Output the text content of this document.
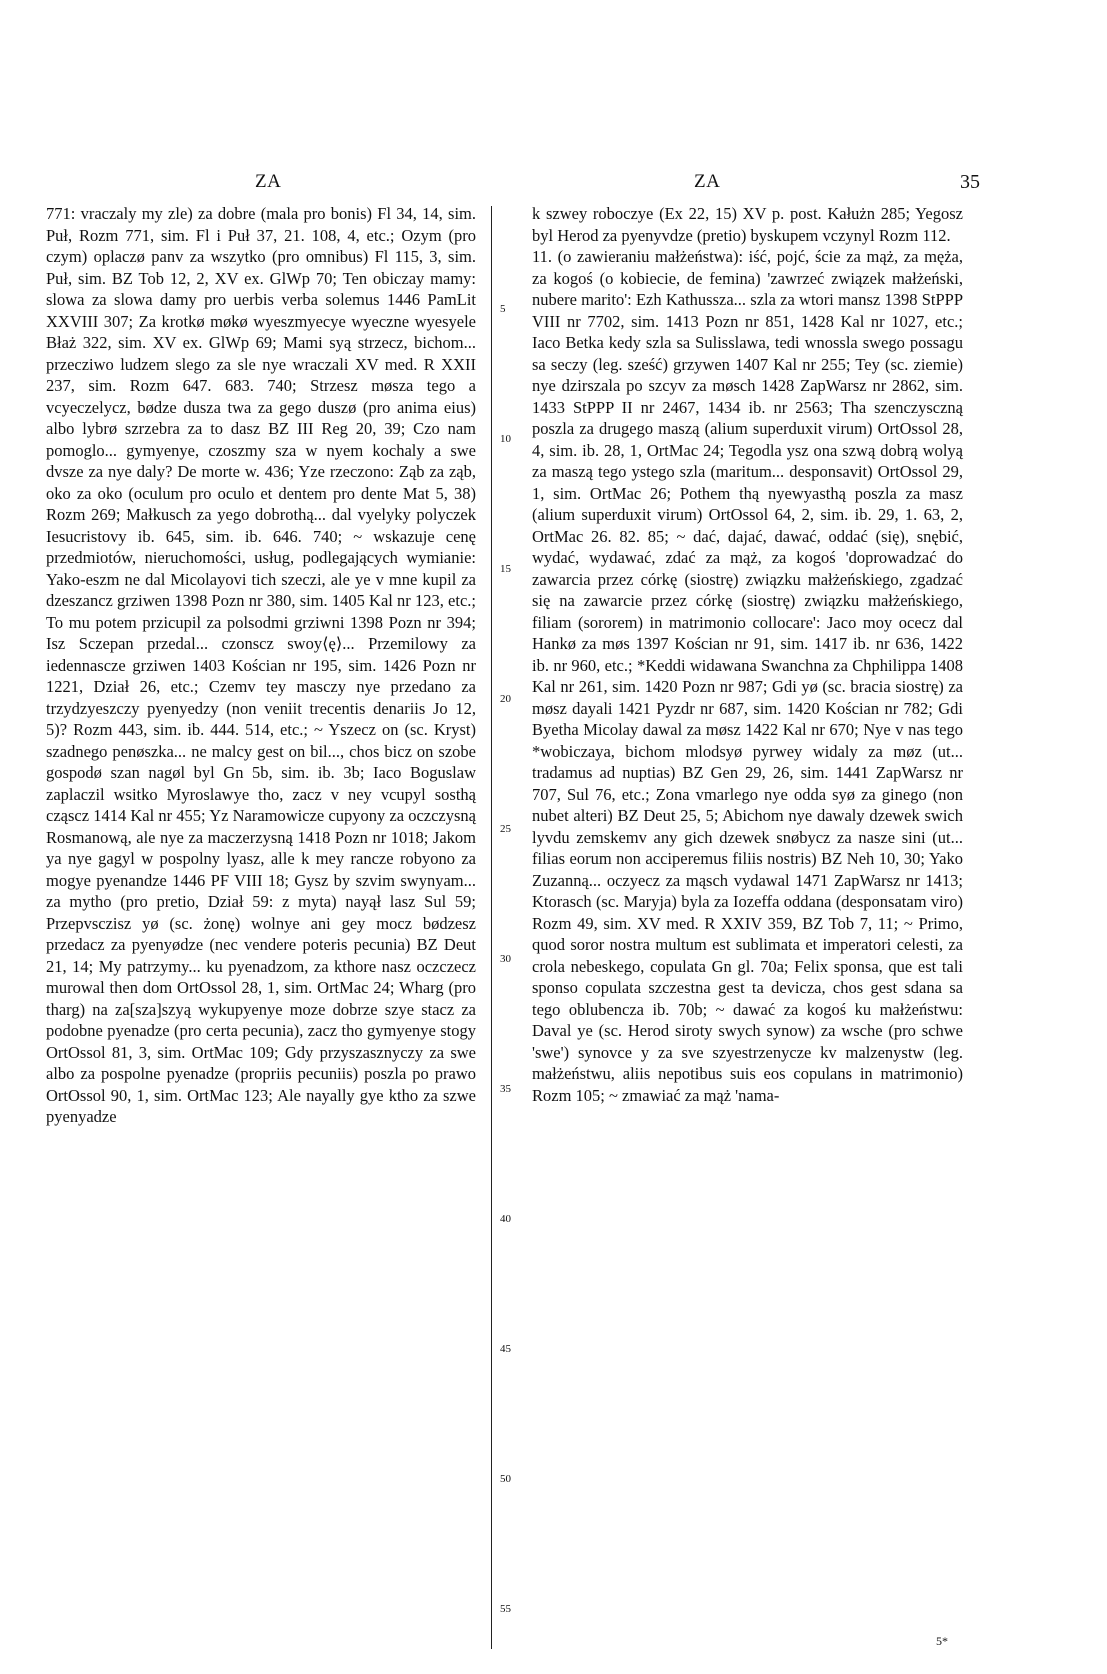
ZA	ZA	35
771: vraczaly my zle) za dobre (mala pro bonis) Fl 34, 14, sim. Puł, Rozm 771, sim. Fl i Puł 37, 21. 108, 4, etc.; Ozym (pro czym) oplaczø panv za wszytko (pro omnibus) Fl 115, 3, sim. Puł, sim. BZ Tob 12, 2, XV ex. GlWp 70; Ten obiczay mamy: slowa za slowa damy pro uerbis verba solemus 1446 PamLit XXVIII 307; Za krotkø møkø wyeszmyecye wyeczne wyesyele Błaż 322, sim. XV ex. GlWp 69; Mami syą strzecz, bichom... przecziwo ludzem slego za sle nye wraczali XV med. R XXII 237, sim. Rozm 647. 683. 740; Strzesz møsza tego a vcyeczelycz, bødze dusza twa za gego duszø (pro anima eius) albo lybrø szrzebra za to dasz BZ III Reg 20, 39; Czo nam pomoglo... gymyenye, czoszmy sza w nyem kochaly a swe dvsze za nye daly? De morte w. 436; Yze rzeczono: Ząb za ząb, oko za oko (oculum pro oculo et dentem pro dente Mat 5, 38) Rozm 269; Małkusch za yego dobrothą... dal vyelyky polyczek Iesucristovy ib. 645, sim. ib. 646. 740; ~ wskazuje cenę przedmiotów, nieruchomości, usług, podlegających wymianie: Yako-eszm ne dal Micolayovi tich szeczi, ale ye v mne kupil za dzeszancz grziwen 1398 Pozn nr 380, sim. 1405 Kal nr 123, etc.; To mu potem przicupil za polsodmi grziwni 1398 Pozn nr 394; Isz Sczepan przedal... czonscz swoy⟨ę⟩... Przemilowy za iedennascze grziwen 1403 Kościan nr 195, sim. 1426 Pozn nr 1221, Dział 26, etc.; Czemv tey masczy nye przedano za trzydzyeszczy pyenyedzy (non veniit trecentis denariis Jo 12, 5)? Rozm 443, sim. ib. 444. 514, etc.; ~ Yszecz on (sc. Kryst) szadnego penøszka... ne malcy gest on bil..., chos bicz on szobe gospodø szan nagøl byl Gn 5b, sim. ib. 3b; Iaco Boguslaw zaplaczil wsitko Myroslawye tho, zacz v ney vcupyl sosthą cząscz 1414 Kal nr 455; Yz Naramowicze cupyony za oczczysną Rosmanową, ale nye za maczerzysną 1418 Pozn nr 1018; Jakom ya nye gagyl w pospolny lyasz, alle k mey rancze robyono za mogye pyenandze 1446 PF VIII 18; Gysz by szvim swynyam... za mytho (pro pretio, Dział 59: z myta) nayął lasz Sul 59; Przepvsczisz yø (sc. żonę) wolnye ani gey mocz bødzesz przedacz za pyenyødze (nec vendere poteris pecunia) BZ Deut 21, 14; My patrzymy... ku pyenadzom, za kthore nasz oczczecz murowal then dom OrtOssol 28, 1, sim. OrtMac 24; Wharg (pro tharg) na za[sza]szyą wykupyenye moze dobrze szye stacz za podobne pyenadze (pro certa pecunia), zacz tho gymyenye stogy OrtOssol 81, 3, sim. OrtMac 109; Gdy przyszasznyczy za swe albo za pospolne pyenadze (propriis pecuniis) poszla po prawo OrtOssol 90, 1, sim. OrtMac 123; Ale nayally gye ktho za szwe pyenyadze
5
10
15
20
25
30
35
40
45
50
55
k szwey roboczye (Ex 22, 15) XV p. post. Kałużn 285; Yegosz byl Herod za pyenyvdze (pretio) byskupem vczynyl Rozm 112.
11. (o zawieraniu małżeństwa): iść, pojć, ście za mąż, za męża, za kogoś (o kobiecie, de femina) 'zawrzeć związek małżeński, nubere marito': Ezh Kathussza... szla za wtori mansz 1398 StPPP VIII nr 7702, sim. 1413 Pozn nr 851, 1428 Kal nr 1027, etc.; Iaco Betka kedy szla sa Sulisslawa, tedi wnossla swego possagu sa seczy (leg. sześć) grzywen 1407 Kal nr 255; Tey (sc. ziemie) nye dzirszala po szcyv za møsch 1428 ZapWarsz nr 2862, sim. 1433 StPPP II nr 2467, 1434 ib. nr 2563; Tha szenczysczną poszla za drugego maszą (alium superduxit virum) OrtOssol 28, 4, sim. ib. 28, 1, OrtMac 24; Tegodla ysz ona szwą dobrą wolyą za maszą tego ystego szla (maritum... desponsavit) OrtOssol 29, 1, sim. OrtMac 26; Pothem thą nyewyasthą poszla za masz (alium superduxit virum) OrtOssol 64, 2, sim. ib. 29, 1. 63, 2, OrtMac 26. 82. 85; ~ dać, dajać, dawać, oddać (się), snębić, wydać, wydawać, zdać za mąż, za kogoś 'doprowadzać do zawarcia przez córkę (siostrę) związku małżeńskiego, zgadzać się na zawarcie przez córkę (siostrę) związku małżeńskiego, filiam (sororem) in matrimonio collocare': Jaco moy ocecz dal Hankø za møs 1397 Kościan nr 91, sim. 1417 ib. nr 636, 1422 ib. nr 960, etc.; *Keddi widawana Swanchna za Chphilippa 1408 Kal nr 261, sim. 1420 Pozn nr 987; Gdi yø (sc. bracia siostrę) za møsz dayali 1421 Pyzdr nr 687, sim. 1420 Kościan nr 782; Gdi Byetha Micolay dawal za møsz 1422 Kal nr 670; Nye v nas tego *wobiczaya, bichom mlodsyø pyrwey widaly za møz (ut... tradamus ad nuptias) BZ Gen 29, 26, sim. 1441 ZapWarsz nr 707, Sul 76, etc.; Zona vmarlego nye odda syø za ginego (non nubet alteri) BZ Deut 25, 5; Abichom nye dawaly dzewek swich lyvdu zemskemv any gich dzewek snøbycz za nasze sini (ut... filias eorum non acciperemus filiis nostris) BZ Neh 10, 30; Yako Zuzanną... oczyecz za mąsch vydawal 1471 ZapWarsz nr 1413; Ktorasch (sc. Maryja) byla za Iozeffa oddana (desponsatam viro) Rozm 49, sim. XV med. R XXIV 359, BZ Tob 7, 11; ~ Primo, quod soror nostra multum est sublimata et imperatori celesti, za crola nebeskego, copulata Gn gl. 70a; Felix sponsa, que est tali sponso copulata szczestna gest ta devicza, chos gest sdana sa tego oblubencza ib. 70b; ~ dawać za kogoś ku małżeństwu: Daval ye (sc. Herod siroty swych synow) za wsche (pro schwe 'swe') synovce y za sve szyestrzenycze kv malzenystw (leg. małżeństwu, aliis nepotibus suis eos copulans in matrimonio) Rozm 105; ~ zmawiać za mąż 'nama-
5*
